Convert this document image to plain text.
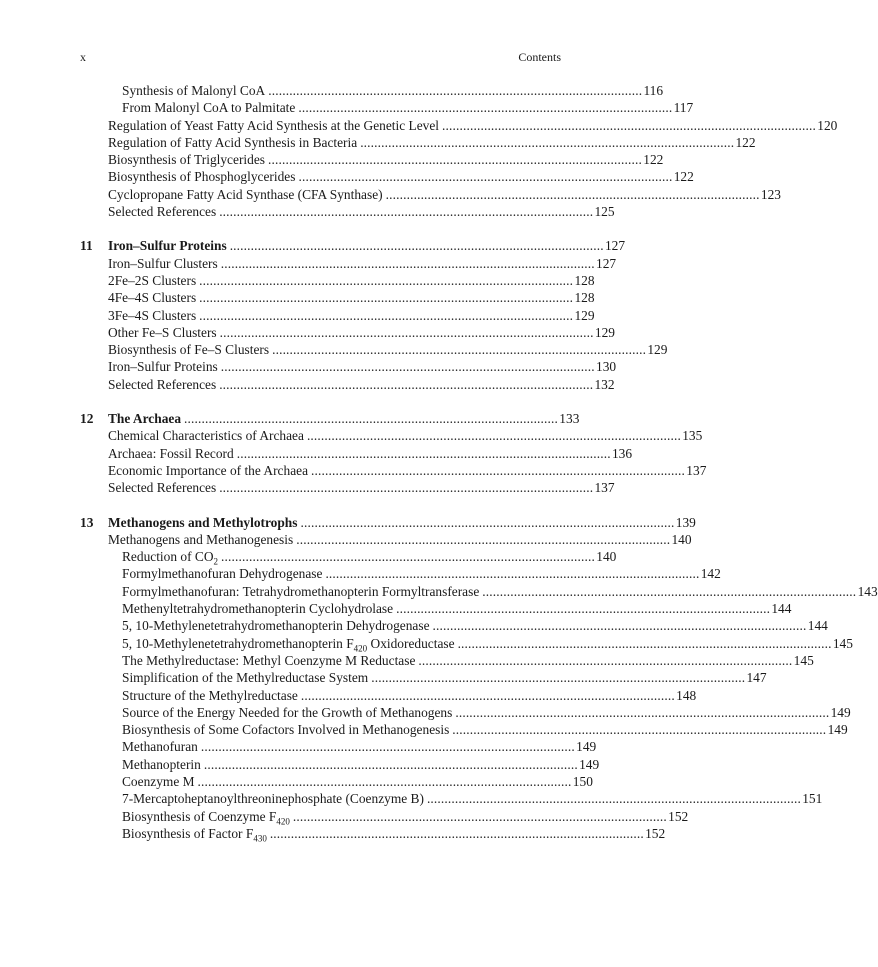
x	Contents
Synthesis of Malonyl CoA . . .	116
From Malonyl CoA to Palmitate . . .	117
Regulation of Yeast Fatty Acid Synthesis at the Genetic Level . . .	120
Regulation of Fatty Acid Synthesis in Bacteria . . .	122
Biosynthesis of Triglycerides . . .	122
Biosynthesis of Phosphoglycerides . . .	122
Cyclopropane Fatty Acid Synthase (CFA Synthase) . . .	123
Selected References . . .	125
11 Iron–Sulfur Proteins . . .	127
Iron–Sulfur Clusters . . .	127
2Fe–2S Clusters . . .	128
4Fe–4S Clusters . . .	128
3Fe–4S Clusters . . .	129
Other Fe–S Clusters . . .	129
Biosynthesis of Fe–S Clusters . . .	129
Iron–Sulfur Proteins . . .	130
Selected References . . .	132
12 The Archaea . . .	133
Chemical Characteristics of Archaea . . .	135
Archaea: Fossil Record . . .	136
Economic Importance of the Archaea . . .	137
Selected References . . .	137
13 Methanogens and Methylotrophs . . .	139
Methanogens and Methanogenesis . . .	140
Reduction of $CO_2$ . . .	140
Formylmethanofuran Dehydrogenase . . .	142
Formylmethanofuran: Tetrahydromethanopterin Formyltransferase . . .	143
Methenyltetrahydromethanopterin Cyclohydrolase . . .	144
5, 10-Methylenetetrahydromethanopterin Dehydrogenase . . .	144
5, 10-Methylenetetrahydromethanopterin $F_{420}$ Oxidoreductase . . .	145
The Methylreductase: Methyl Coenzyme M Reductase . . .	145
Simplification of the Methylreductase System . . .	147
Structure of the Methylreductase . . .	148
Source of the Energy Needed for the Growth of Methanogens . . .	149
Biosynthesis of Some Cofactors Involved in Methanogenesis . . .	149
Methanofuran . . .	149
Methanopterin . . .	149
Coenzyme M . . .	150
7-Mercaptoheptanoylthreoninephosphate (Coenzyme B) . . .	151
Biosynthesis of Coenzyme $F_{420}$ . . .	152
Biosynthesis of Factor $F_{430}$ . . .	152
